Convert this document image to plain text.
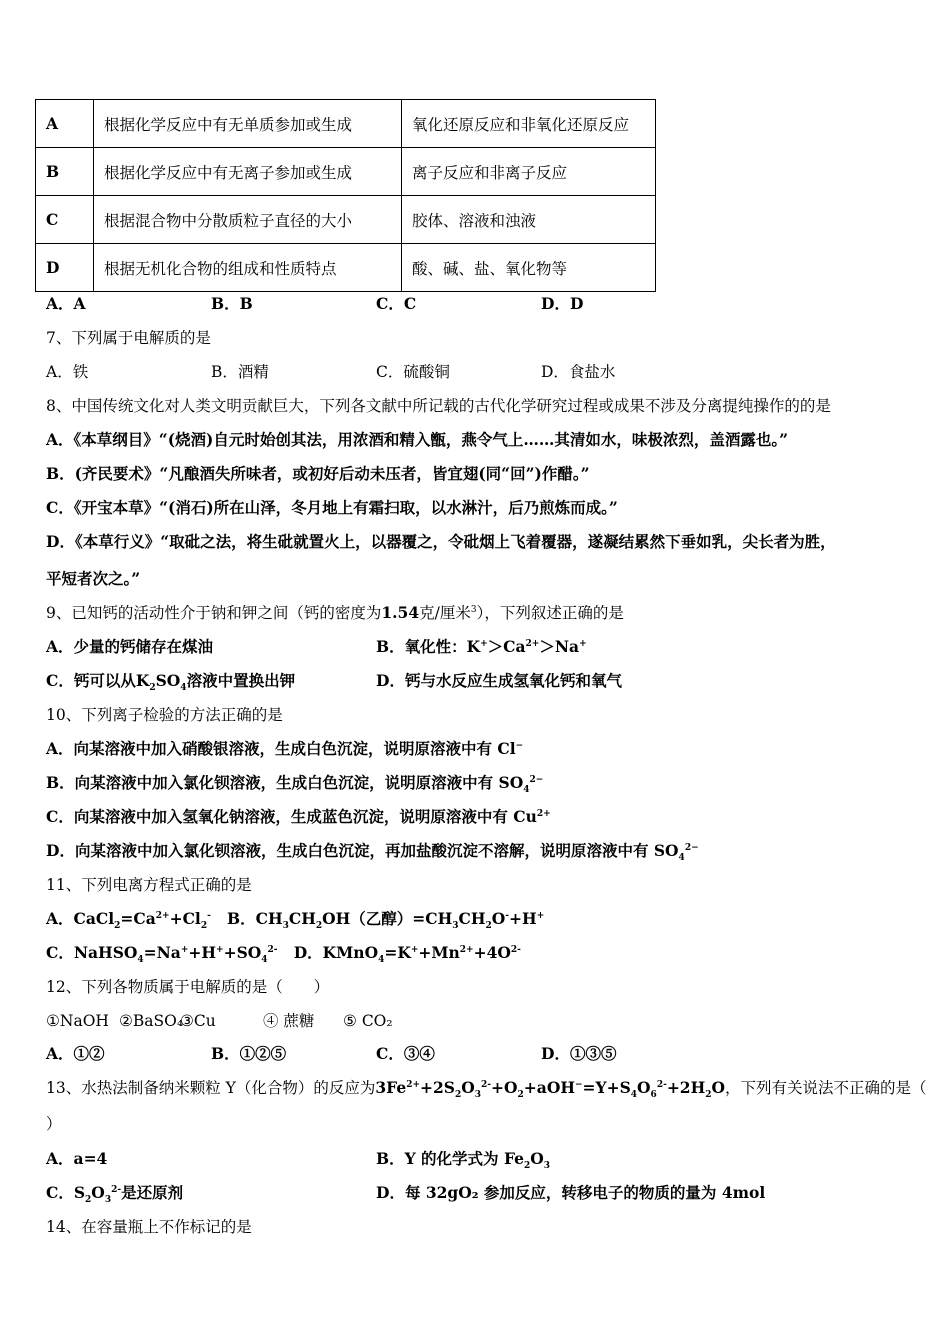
A	根据化学反应中有无单质参加或生成	氧化还原反应和非氧化还原反应
B	根据化学反应中有无离子参加或生成	离子反应和非离子反应
C	根据混合物中分散质粒子直径的大小	胶体、溶液和浊液
D	根据无机化合物的组成和性质特点	酸、碱、盐、氧化物等
A．A	B．B	C．C	D．D
7、下列属于电解质的是
A．铁	B．酒精	C．硫酸铜	D．食盐水
8、中国传统文化对人类文明贡献巨大，下列各文献中所记载的古代化学研究过程或成果不涉及分离提纯操作的的是
A．《本草纲目》“(烧酒)自元时始创其法，用浓酒和精入甑，燕令气上……其清如水，味极浓烈，盖酒露也。”
B．(齐民要术》“凡酿酒失所味者，或初好后动未压者，皆宜翅(同“回”)作醋。”
C．《开宝本草》“(消石)所在山泽，冬月地上有霜扫取，以水淋汁，后乃煎炼而成。”
D．《本草行义》“取砒之法，将生砒就置火上，以器覆之，令砒烟上飞着覆器，遂凝结累然下垂如乳，尖长者为胜，
平短者次之。”
9、已知钙的活动性介于钠和钾之间（钙的密度为1.54克/厘米$^3$），下列叙述正确的是
A．少量的钙储存在煤油	B．氧化性：$K^+>Ca^{2+}>Na^+$
C．钙可以从$K_2SO_4$溶液中置换出钾	D．钙与水反应生成氢氧化钙和氧气
10、下列离子检验的方法正确的是
A．向某溶液中加入硝酸银溶液，生成白色沉淀，说明原溶液中有 Cl−
B．向某溶液中加入氯化钡溶液，生成白色沉淀，说明原溶液中有 $SO_4^{2-}$
C．向某溶液中加入氢氧化钠溶液，生成蓝色沉淀，说明原溶液中有 $Cu^{2+}$
D．向某溶液中加入氯化钡溶液，生成白色沉淀，再加盐酸沉淀不溶解，说明原溶液中有 $SO_4^{2-}$
11、下列电离方程式正确的是
A．$CaCl_2=Ca^{2+}+Cl_2^-$   B．$CH_3CH_2OH$（乙醇）$=CH_3CH_2O^-+H^+$
C．$NaHSO_4=Na^++H^++SO_4^{2-}$   D．$KMnO_4=K^++Mn^{2+}+4O^{2-}$
12、下列各物质属于电解质的是（　　）
①NaOH ②BaSO₄
③Cu	④ 蔗糖 ⑤ CO₂
A．①②	B．①②⑤	C．③④	D．①③⑤
13、水热法制备纳米颗粒 Y（化合物）的反应为$3Fe^{2+}+2S_2O_3^{2-}+O_2+aOH^-=Y+S_4O_6^{2-}+2H_2O$，下列有关说法不正确的是（
）
A．a=4	B．Y 的化学式为 $Fe_2O_3$
C．$S_2O_3^{2-}$是还原剂	D．每 32gO₂ 参加反应，转移电子的物质的量为 4mol
14、在容量瓶上不作标记的是
